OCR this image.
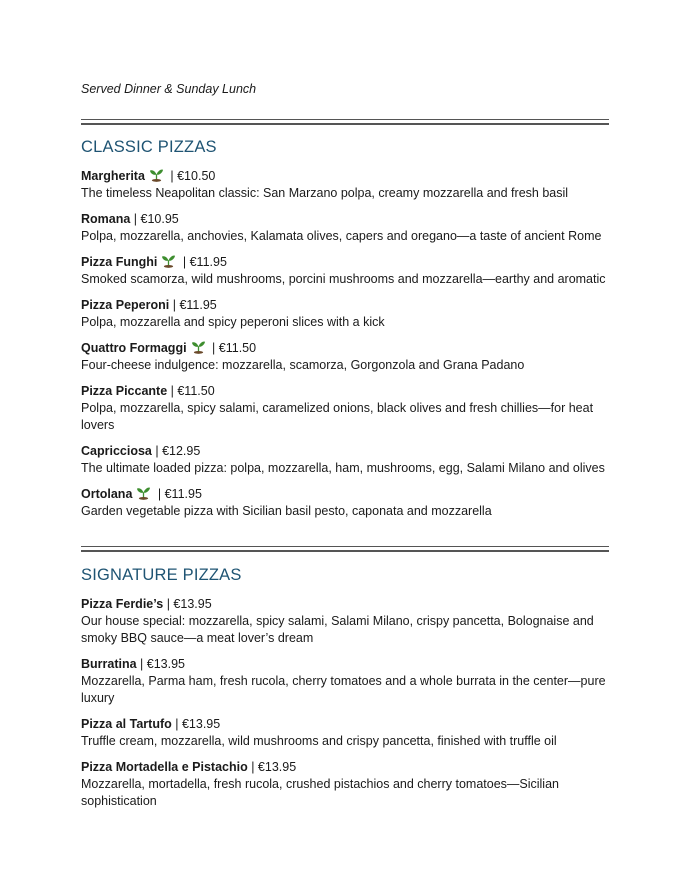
Served Dinner & Sunday Lunch
CLASSIC PIZZAS
Margherita | €10.50
The timeless Neapolitan classic: San Marzano polpa, creamy mozzarella and fresh basil
Romana | €10.95
Polpa, mozzarella, anchovies, Kalamata olives, capers and oregano—a taste of ancient Rome
Pizza Funghi | €11.95
Smoked scamorza, wild mushrooms, porcini mushrooms and mozzarella—earthy and aromatic
Pizza Peperoni | €11.95
Polpa, mozzarella and spicy peperoni slices with a kick
Quattro Formaggi | €11.50
Four-cheese indulgence: mozzarella, scamorza, Gorgonzola and Grana Padano
Pizza Piccante | €11.50
Polpa, mozzarella, spicy salami, caramelized onions, black olives and fresh chillies—for heat lovers
Capricciosa | €12.95
The ultimate loaded pizza: polpa, mozzarella, ham, mushrooms, egg, Salami Milano and olives
Ortolana | €11.95
Garden vegetable pizza with Sicilian basil pesto, caponata and mozzarella
SIGNATURE PIZZAS
Pizza Ferdie’s | €13.95
Our house special: mozzarella, spicy salami, Salami Milano, crispy pancetta, Bolognaise and smoky BBQ sauce—a meat lover’s dream
Burratina | €13.95
Mozzarella, Parma ham, fresh rucola, cherry tomatoes and a whole burrata in the center—pure luxury
Pizza al Tartufo | €13.95
Truffle cream, mozzarella, wild mushrooms and crispy pancetta, finished with truffle oil
Pizza Mortadella e Pistachio | €13.95
Mozzarella, mortadella, fresh rucola, crushed pistachios and cherry tomatoes—Sicilian sophistication
